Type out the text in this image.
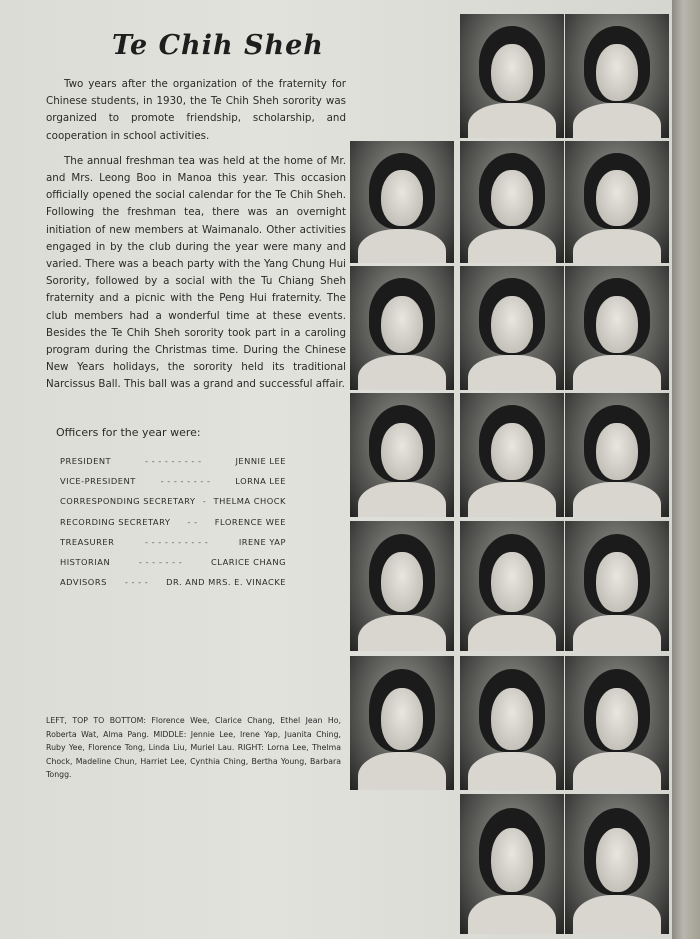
Te Chih Sheh

Two years after the organization of the fraternity for Chinese students, in 1930, the Te Chih Sheh sorority was organized to promote friendship, scholarship, and cooperation in school activities.

The annual freshman tea was held at the home of Mr. and Mrs. Leong Boo in Manoa this year. This occasion officially opened the social calendar for the Te Chih Sheh. Following the freshman tea, there was an overnight initiation of new members at Waimanalo. Other activities engaged in by the club during the year were many and varied. There was a beach party with the Yang Chung Hui Sorority, followed by a social with the Tu Chiang Sheh fraternity and a picnic with the Peng Hui fraternity. The club members had a wonderful time at these events. Besides the Te Chih Sheh sorority took part in a caroling program during the Christmas time. During the Chinese New Years holidays, the sorority held its traditional Narcissus Ball. This ball was a grand and successful affair.

Officers for the year were:
PRESIDENT	- - - - - - - - -	JENNIE LEE
VICE-PRESIDENT	- - - - - - - -	LORNA LEE
CORRESPONDING SECRETARY - THELMA CHOCK
RECORDING SECRETARY	- -	FLORENCE WEE
TREASURER	- - - - - - - - - -	IRENE YAP
HISTORIAN	- - - - - - -	CLARICE CHANG
ADVISORS	- - - -	DR. AND MRS. E. VINACKE
LEFT, TOP TO BOTTOM: Florence Wee, Clarice Chang, Ethel Jean Ho, Roberta Wat, Alma Pang. MIDDLE: Jennie Lee, Irene Yap, Juanita Ching, Ruby Yee, Florence Tong, Linda Liu, Muriel Lau. RIGHT: Lorna Lee, Thelma Chock, Madeline Chun, Harriet Lee, Cynthia Ching, Bertha Young, Barbara Tongg.
